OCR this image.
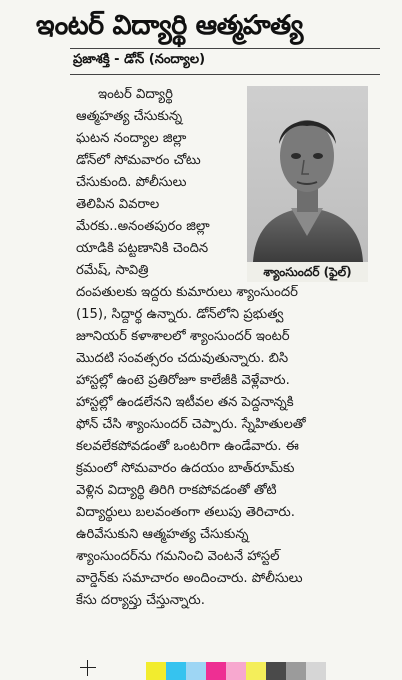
ఇంటర్ విద్యార్థి ఆత్మహత్య
ప్రజాశక్తి - డోన్ (నంద్యాల)
శ్యాంసుందర్ (ఫైల్)
ఇంటర్ విద్యార్థి
ఆత్మహత్య చేసుకున్న
ఘటన నంద్యాల జిల్లా
డోన్‌లో సోమవారం చోటు
చేసుకుంది. పోలీసులు
తెలిపిన వివరాల
మేరకు..అనంతపురం జిల్లా
యాడికి పట్టణానికి చెందిన
రమేష్, సావిత్రి
దంపతులకు ఇద్దరు కుమారులు శ్యాంసుందర్
(15), సిద్దార్థ ఉన్నారు. డోన్‌లోని ప్రభుత్వ
జూనియర్ కళాశాలలో శ్యాంసుందర్ ఇంటర్
మొదటి సంవత్సరం చదువుతున్నారు. బిసి
హాస్టల్లో ఉంటె ప్రతిరోజూ కాలేజీకి వెళ్లేవారు.
హాస్టల్లో ఉండలేనని ఇటీవల తన పెద్దనాన్నకి
ఫోన్ చేసి శ్యాంసుందర్ చెప్పారు. స్నేహితులతో
కలవలేకపోవడంతో ఒంటరిగా ఉండేవారు. ఈ
క్రమంలో సోమవారం ఉదయం బాత్‌రూమ్‌కు
వెళ్లిన విద్యార్థి తిరిగి రాకపోవడంతో తోటి
విద్యార్థులు బలవంతంగా తలుపు తెరిచారు.
ఉరివేసుకుని ఆత్మహత్య చేసుకున్న
శ్యాంసుందర్‌ను గమనించి వెంటనే హాస్టల్
వార్డెన్‌కు సమాచారం అందించారు. పోలీసులు
కేసు దర్యాప్తు చేస్తున్నారు.
